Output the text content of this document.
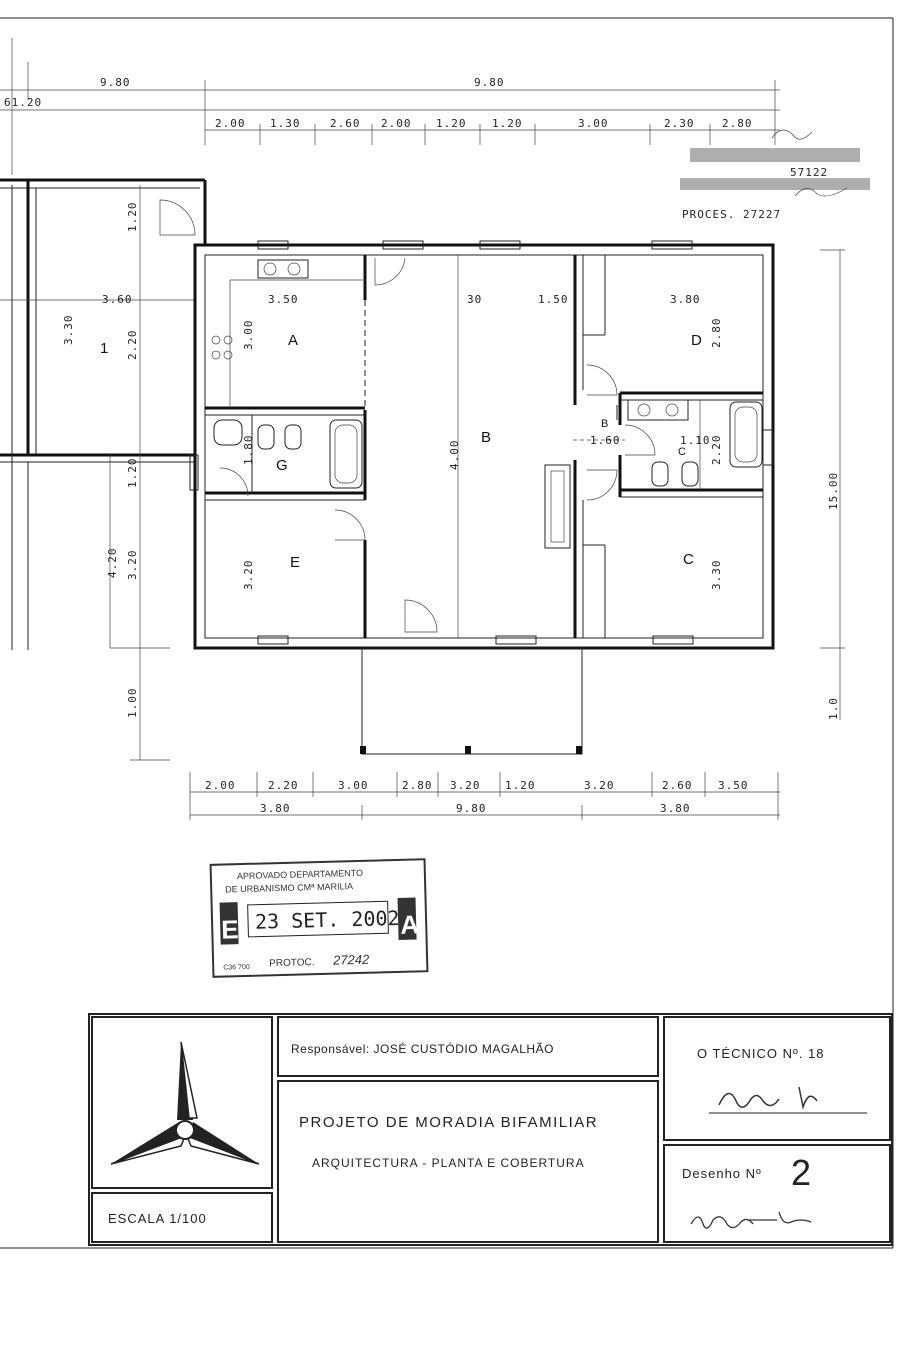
9.80	9.80
61.20
2.00 1.30	2.60 2.00 1.20 1.20	3.00	2.30	2.80
57122
PROCES. 27227
3.60
1
1.20
3.30	2.20
1.20
4.20 3.20
1.00
15.00
1.0
3.50	30	1.50	3.80
3.00	2.80
1.80	4.00	1.60	1.10 2.20
3.20	3.30
A
B
C
D
E
G
B
C
2.00	2.20	3.00	2.80 3.20 1.20	3.20	2.60 3.50
3.80	9.80	3.80
APROVADO DEPARTAMENTO
DE URBANISMO CMª MARILIA
23 SET. 2002
E	A
C36 700 PROTOC. 27242
ESCALA 1/100
Responsável: JOSÉ CUSTÓDIO MAGALHÃO
PROJETO DE MORADIA BIFAMILIAR
ARQUITECTURA - PLANTA E COBERTURA
O TÉCNICO Nº. 18
Desenho Nº 2
